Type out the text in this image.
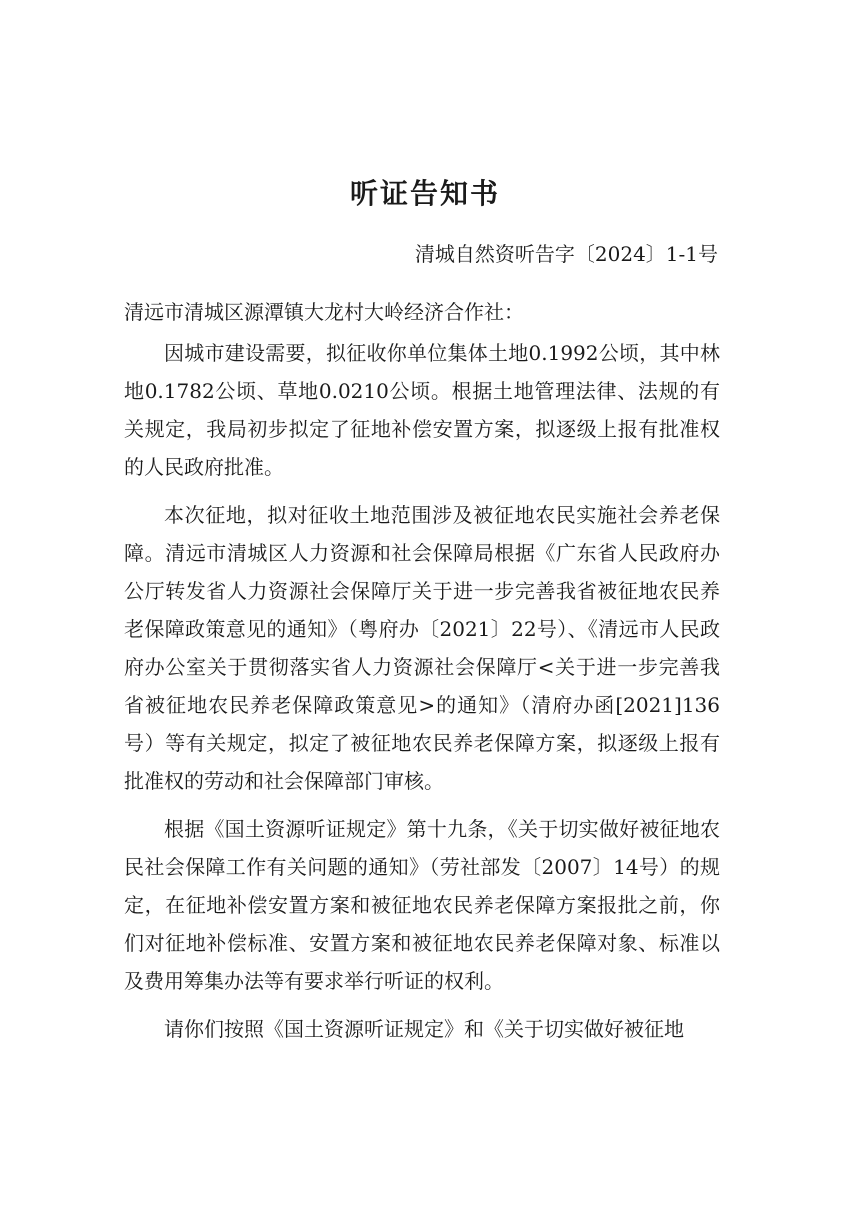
听证告知书
清城自然资听告字〔2024〕1-1号
清远市清城区源潭镇大龙村大岭经济合作社：

因城市建设需要，拟征收你单位集体土地0.1992公顷，其中林地0.1782公顷、草地0.0210公顷。根据土地管理法律、法规的有关规定，我局初步拟定了征地补偿安置方案，拟逐级上报有批准权的人民政府批准。

本次征地，拟对征收土地范围涉及被征地农民实施社会养老保障。清远市清城区人力资源和社会保障局根据《广东省人民政府办公厅转发省人力资源社会保障厅关于进一步完善我省被征地农民养老保障政策意见的通知》（粤府办〔2021〕22号）、《清远市人民政府办公室关于贯彻落实省人力资源社会保障厅<关于进一步完善我省被征地农民养老保障政策意见>的通知》（清府办函[2021]136号）等有关规定，拟定了被征地农民养老保障方案，拟逐级上报有批准权的劳动和社会保障部门审核。

根据《国土资源听证规定》第十九条，《关于切实做好被征地农民社会保障工作有关问题的通知》（劳社部发〔2007〕14号）的规定，在征地补偿安置方案和被征地农民养老保障方案报批之前，你们对征地补偿标准、安置方案和被征地农民养老保障对象、标准以及费用筹集办法等有要求举行听证的权利。

请你们按照《国土资源听证规定》和《关于切实做好被征地
